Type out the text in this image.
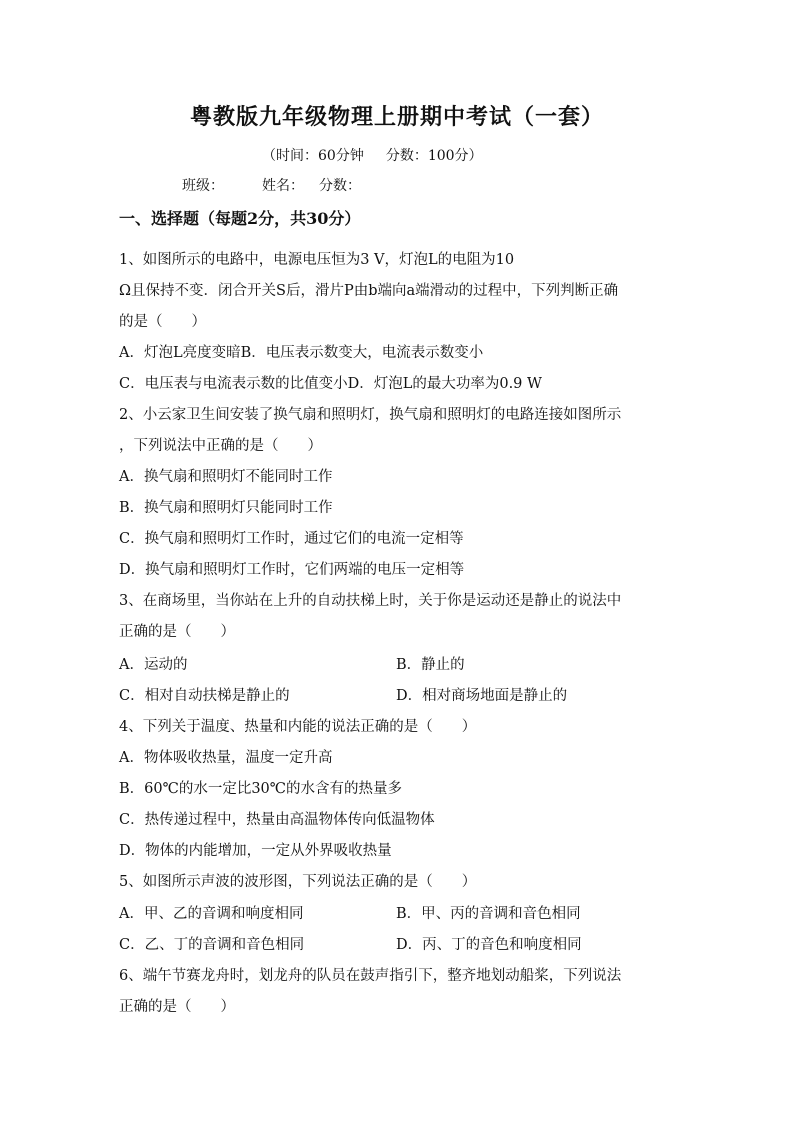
粤教版九年级物理上册期中考试（一套）
（时间：60分钟 分数：100分）
班级：	姓名： 分数：
一、选择题（每题2分，共30分）
1、如图所示的电路中，电源电压恒为3 V，灯泡L的电阻为10
Ω且保持不变．闭合开关S后，滑片P由b端向a端滑动的过程中，下列判断正确
的是（　　）
A．灯泡L亮度变暗B．电压表示数变大，电流表示数变小
C．电压表与电流表示数的比值变小D．灯泡L的最大功率为0.9 W
2、小云家卫生间安装了换气扇和照明灯，换气扇和照明灯的电路连接如图所示
，下列说法中正确的是（　　）
A．换气扇和照明灯不能同时工作
B．换气扇和照明灯只能同时工作
C．换气扇和照明灯工作时，通过它们的电流一定相等
D．换气扇和照明灯工作时，它们两端的电压一定相等
3、在商场里，当你站在上升的自动扶梯上时，关于你是运动还是静止的说法中
正确的是（　　）
A．运动的	B．静止的
C．相对自动扶梯是静止的	D．相对商场地面是静止的
4、下列关于温度、热量和内能的说法正确的是（　　）
A．物体吸收热量，温度一定升高
B．60℃的水一定比30℃的水含有的热量多
C．热传递过程中，热量由高温物体传向低温物体
D．物体的内能增加，一定从外界吸收热量
5、如图所示声波的波形图，下列说法正确的是（　　）
A．甲、乙的音调和响度相同	B．甲、丙的音调和音色相同
C．乙、丁的音调和音色相同	D．丙、丁的音色和响度相同
6、端午节赛龙舟时，划龙舟的队员在鼓声指引下，整齐地划动船桨，下列说法
正确的是（　　）
